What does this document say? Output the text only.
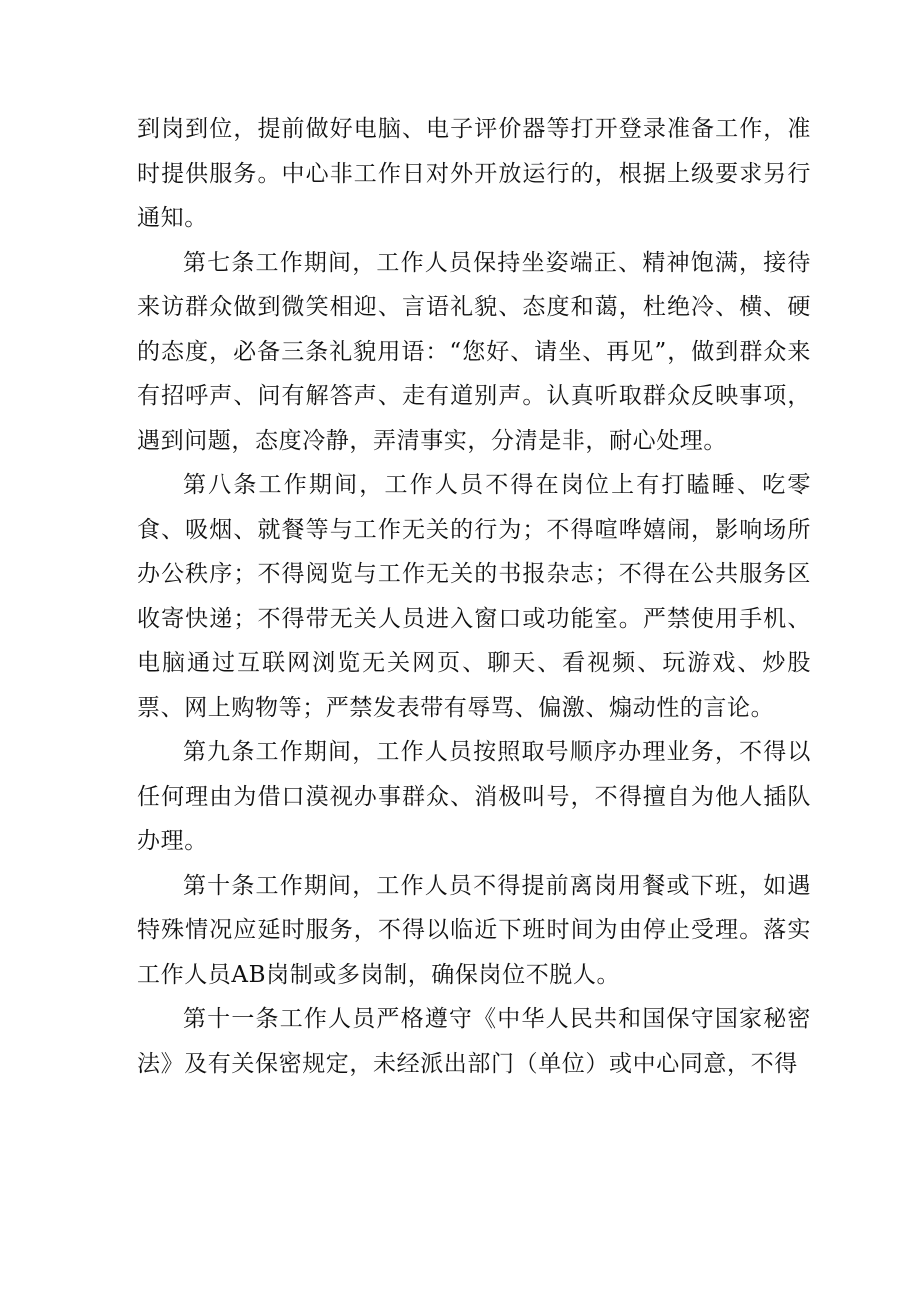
到岗到位，提前做好电脑、电子评价器等打开登录准备工作，准时提供服务。中心非工作日对外开放运行的，根据上级要求另行通知。

第七条工作期间，工作人员保持坐姿端正、精神饱满，接待来访群众做到微笑相迎、言语礼貌、态度和蔼，杜绝冷、横、硬的态度，必备三条礼貌用语：“您好、请坐、再见”，做到群众来有招呼声、问有解答声、走有道别声。认真听取群众反映事项，遇到问题，态度冷静，弄清事实，分清是非，耐心处理。

第八条工作期间，工作人员不得在岗位上有打瞌睡、吃零食、吸烟、就餐等与工作无关的行为；不得喧哗嬉闹，影响场所办公秩序；不得阅览与工作无关的书报杂志；不得在公共服务区收寄快递；不得带无关人员进入窗口或功能室。严禁使用手机、电脑通过互联网浏览无关网页、聊天、看视频、玩游戏、炒股票、网上购物等；严禁发表带有辱骂、偏激、煽动性的言论。

第九条工作期间，工作人员按照取号顺序办理业务，不得以任何理由为借口漠视办事群众、消极叫号，不得擅自为他人插队办理。

第十条工作期间，工作人员不得提前离岗用餐或下班，如遇特殊情况应延时服务，不得以临近下班时间为由停止受理。落实工作人员AB岗制或多岗制，确保岗位不脱人。

第十一条工作人员严格遵守《中华人民共和国保守国家秘密法》及有关保密规定，未经派出部门（单位）或中心同意，不得
